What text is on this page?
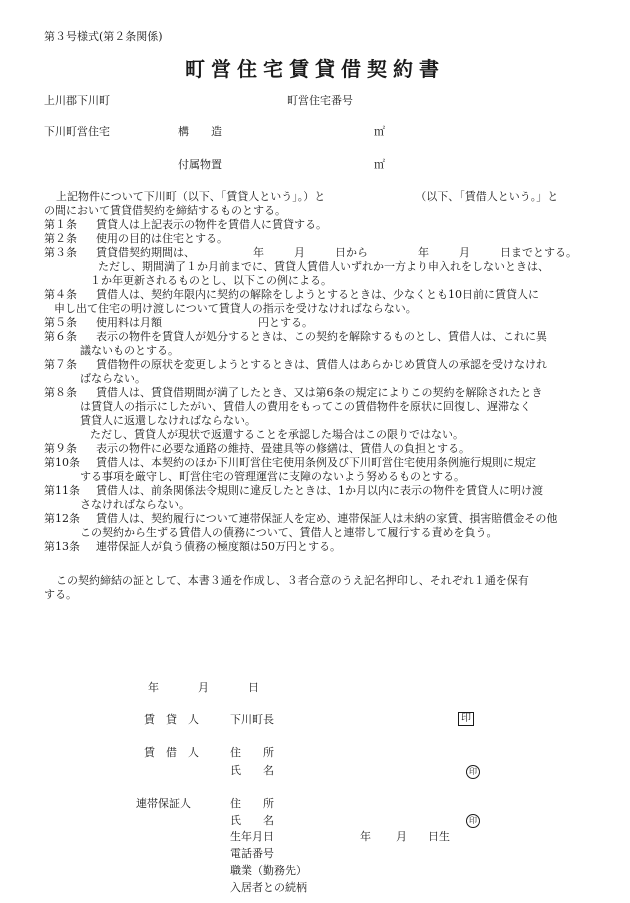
第３号様式(第２条関係)
町営住宅賃貸借契約書
上川郡下川町	町営住宅番号
下川町営住宅	構　　造	㎡
付属物置	㎡

上記物件について下川町（以下、「賃貸人という」。）と	（以下、「賃借人という。」と

の間において賃貸借契約を締結するものとする。

第１条	賃貸人は上記表示の物件を賃借人に賃貸する。
第２条	使用の目的は住宅とする。
第３条	賃貸借契約期間は、	年	月	日から	年	月	日までとする。

ただし、期間満了１か月前までに、賃貸人賃借人いずれか一方より申入れをしないときは、

１か年更新されるものとし、以下この例による。

第４条	賃借人は、契約年限内に契約の解除をしようとするときは、少なくとも10日前に賃貸人に

申し出て住宅の明け渡しについて賃貸人の指示を受けなければならない。

第５条	使用料は月額	円とする。
第６条	表示の物件を賃貸人が処分するときは、この契約を解除するものとし、賃借人は、これに異

議ないものとする。

第７条	賃借物件の原状を変更しようとするときは、賃借人はあらかじめ賃貸人の承認を受けなけれ

ばならない。

第８条	賃借人は、賃貸借期間が満了したとき、又は第6条の規定によりこの契約を解除されたとき

は賃貸人の指示にしたがい、賃借人の費用をもってこの賃借物件を原状に回復し、遅滞なく

賃貸人に返還しなければならない。

ただし、賃貸人が現状で返還することを承認した場合はこの限りではない。

第９条	表示の物件に必要な通路の維持、畳建具等の修繕は、賃借人の負担とする。
第10条	賃借人は、本契約のほか下川町営住宅使用条例及び下川町営住宅使用条例施行規則に規定

する事項を厳守し、町営住宅の管理運営に支障のないよう努めるものとする。

第11条	賃借人は、前条関係法令規則に違反したときは、1か月以内に表示の物件を賃貸人に明け渡

さなければならない。

第12条	賃借人は、契約履行について連帯保証人を定め、連帯保証人は未納の家賃、損害賠償金その他

この契約から生ずる賃借人の債務について、賃借人と連帯して履行する責めを負う。

第13条	連帯保証人が負う債務の極度額は50万円とする。

この契約締結の証として、本書３通を作成し、３者合意のうえ記名押印し、それぞれ１通を保有

する。

年	月	日
賃　貸　人	下川町長	印
賃　借　人	住　　所
氏　　名	印
連帯保証人	住　　所
氏　　名	印
生年月日	年 月 日生
電話番号
職業（勤務先）
入居者との続柄
